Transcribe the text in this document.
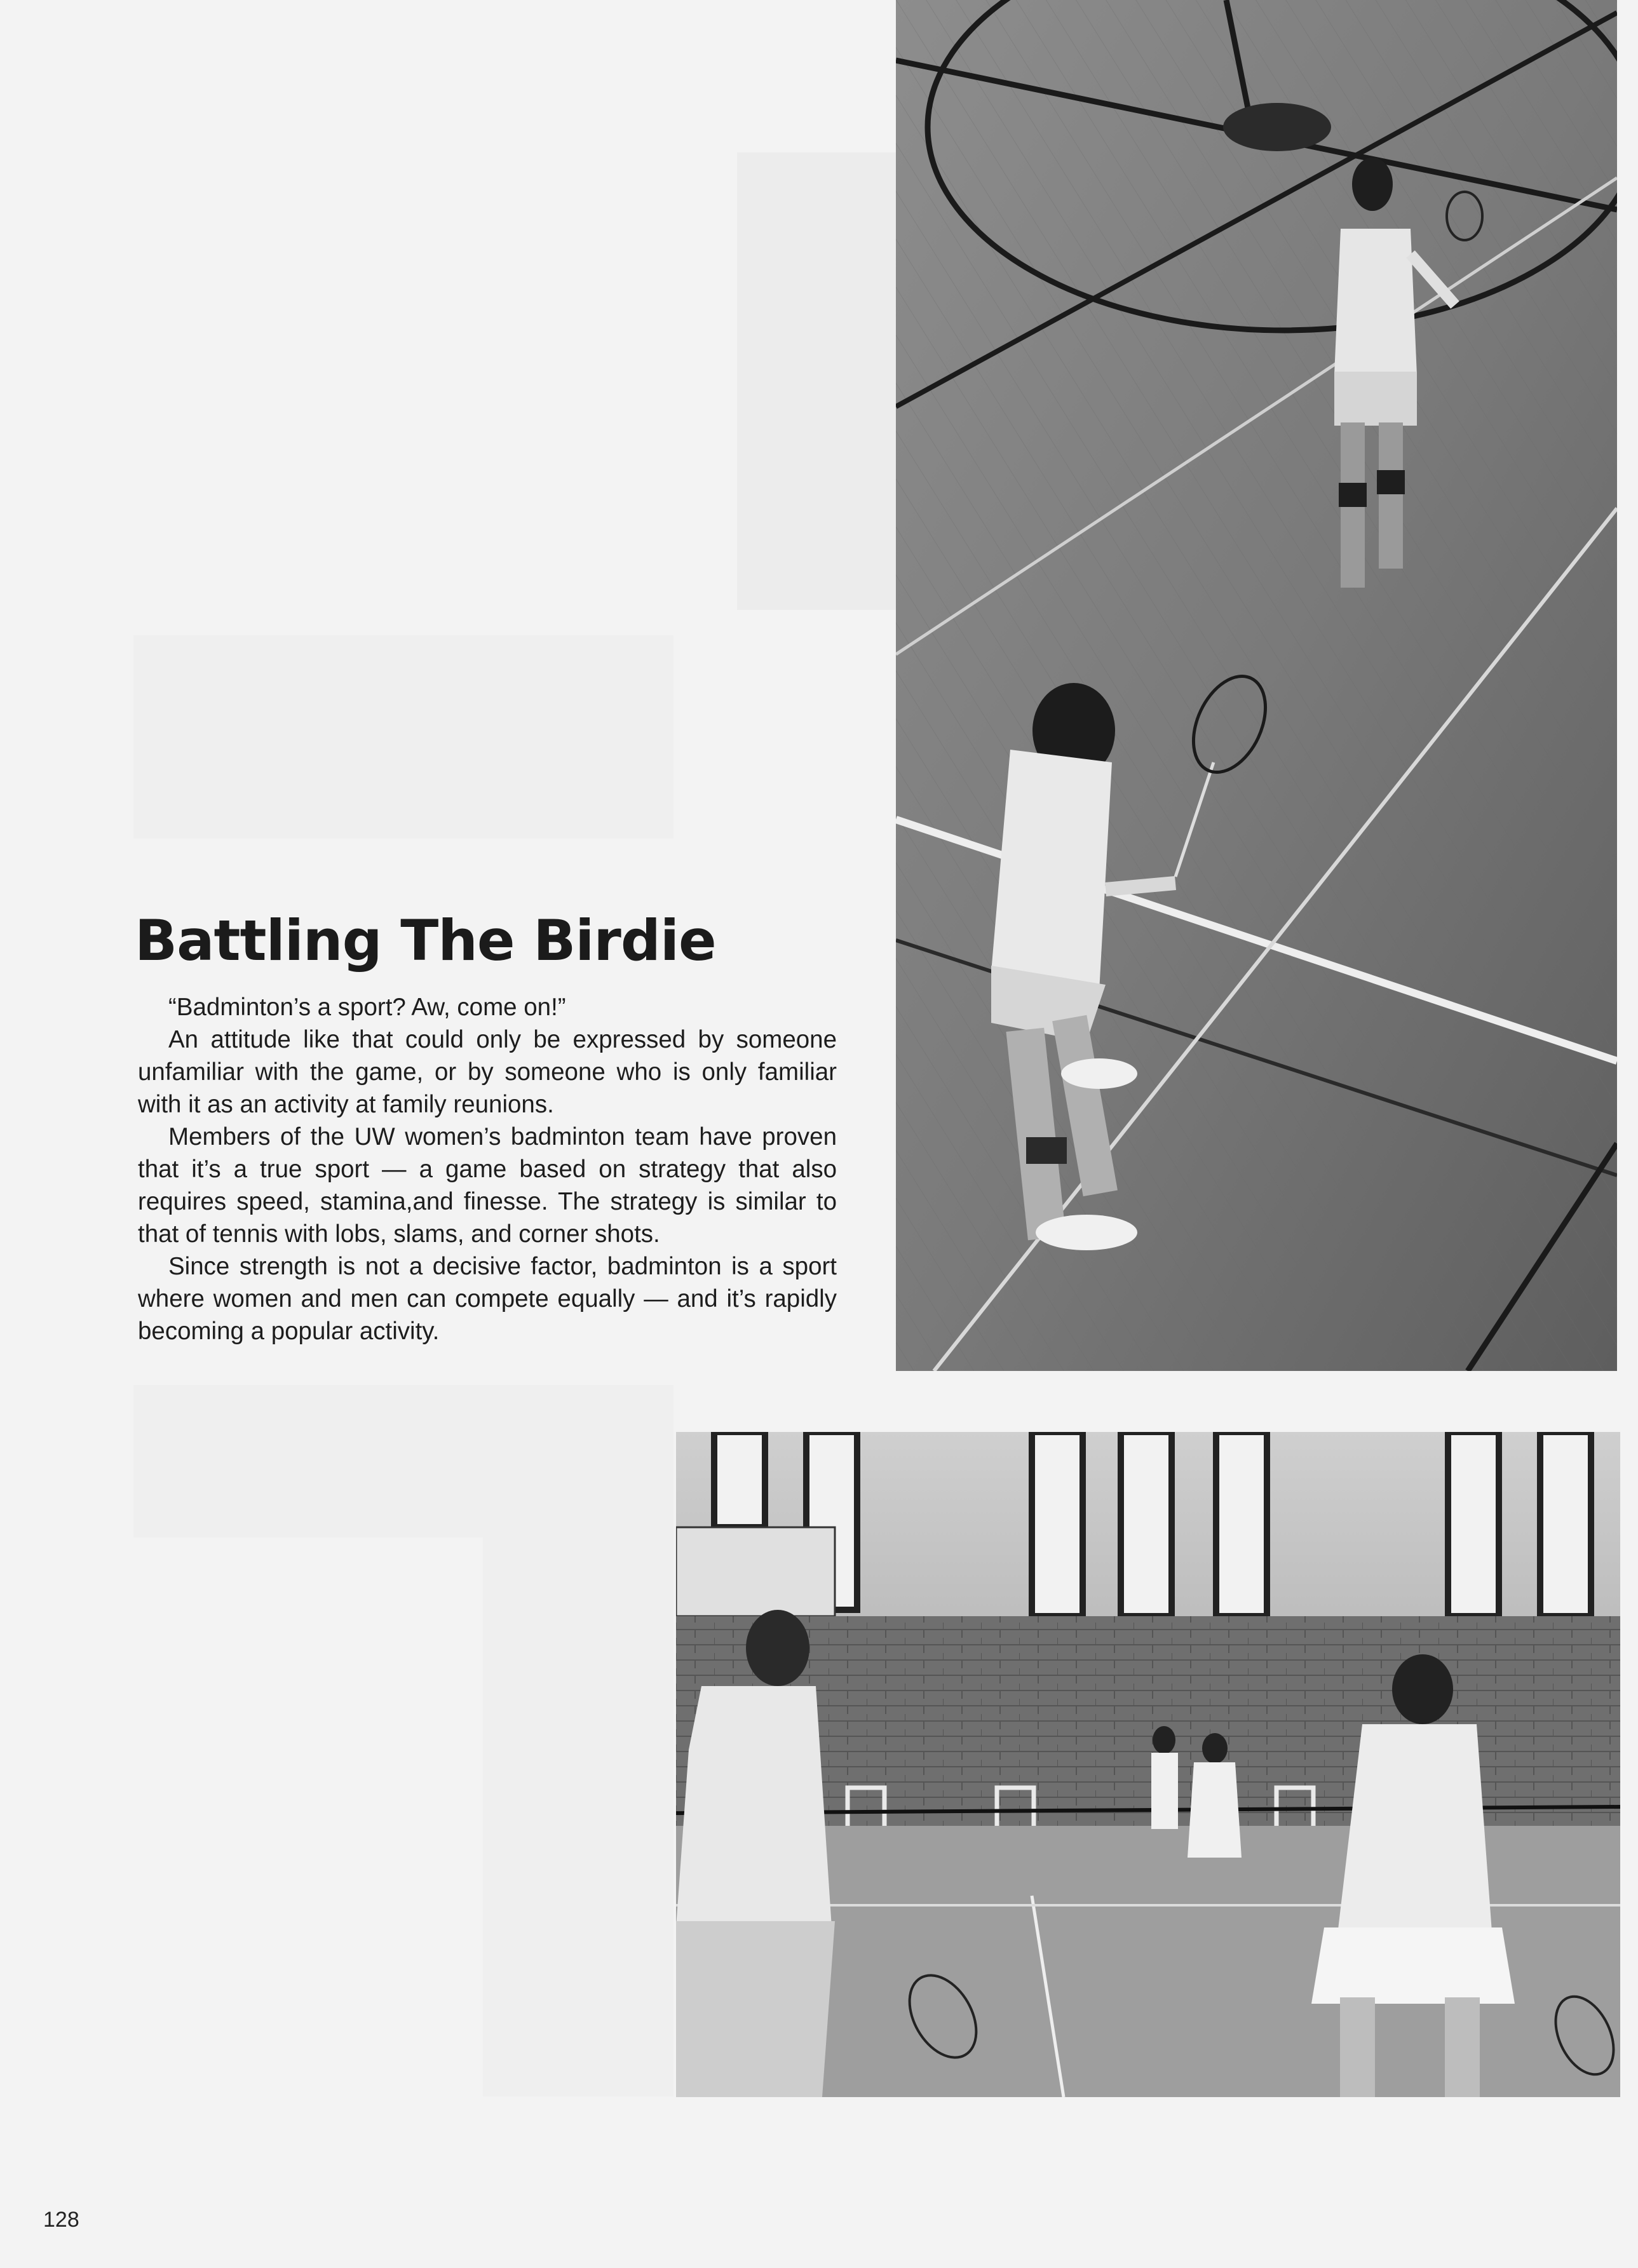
Battling The Birdie

“Badminton’s a sport? Aw, come on!”

An attitude like that could only be expressed by someone unfamiliar with the game, or by someone who is only familiar with it as an activity at family reunions.

Members of the UW women’s badminton team have proven that it’s a true sport — a game based on strategy that also requires speed, stamina,and finesse. The strategy is similar to that of tennis with lobs, slams, and corner shots.

Since strength is not a decisive factor, badminton is a sport where women and men can compete equally — and it’s rapidly becoming a popular activity.

128
